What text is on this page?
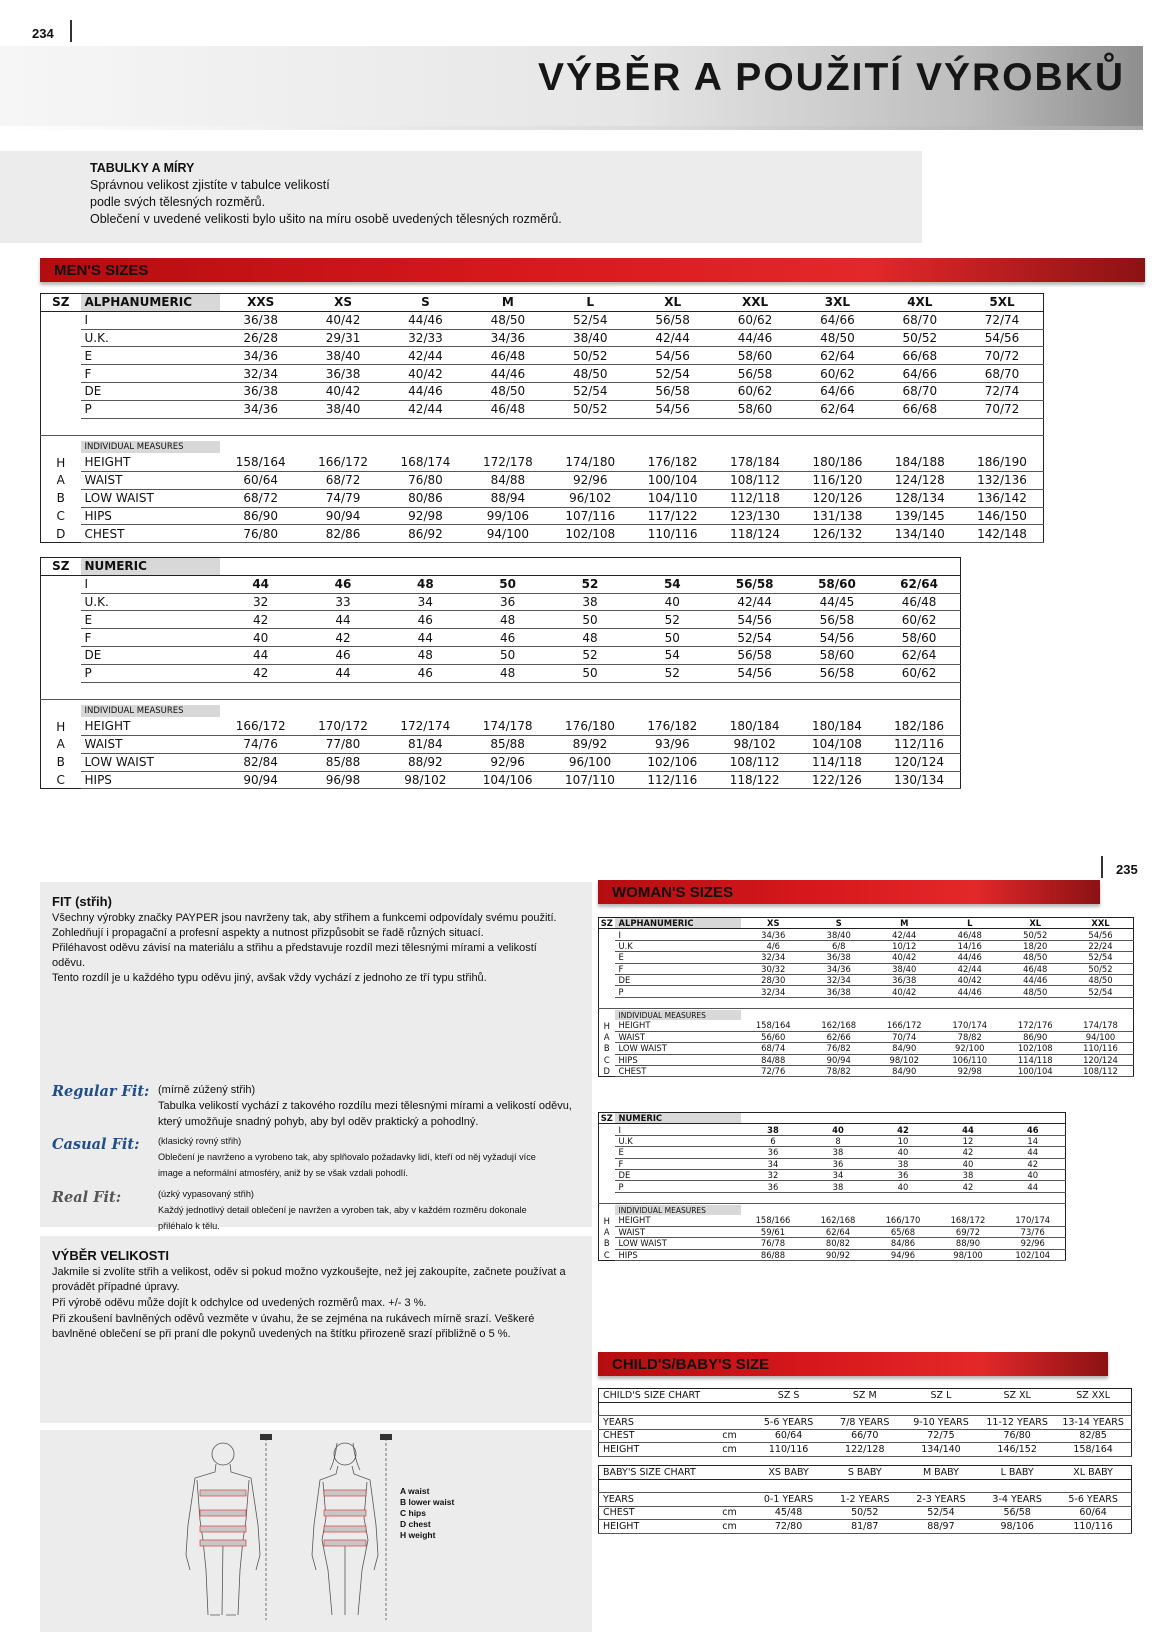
234
235
VÝBĚR A POUŽITÍ VÝROBKŮ
TABULKY A MÍRY
Správnou velikost zjistíte v tabulce velikostí
podle svých tělesných rozměrů.
Oblečení v uvedené velikosti bylo ušito na míru osobě uvedených tělesných rozměrů.
MEN'S SIZES
SZ	ALPHANUMERIC	XXS	XS	S	M	L	XL	XXL	3XL	4XL	5XL
	I	36/38	40/42	44/46	48/50	52/54	56/58	60/62	64/66	68/70	72/74
	U.K.	26/28	29/31	32/33	34/36	38/40	42/44	44/46	48/50	50/52	54/56
	E	34/36	38/40	42/44	46/48	50/52	54/56	58/60	62/64	66/68	70/72
	F	32/34	36/38	40/42	44/46	48/50	52/54	56/58	60/62	64/66	68/70
	DE	36/38	40/42	44/46	48/50	52/54	56/58	60/62	64/66	68/70	72/74
	P	34/36	38/40	42/44	46/48	50/52	54/56	58/60	62/64	66/68	70/72

	INDIVIDUAL MEASURES										
H	HEIGHT	158/164	166/172	168/174	172/178	174/180	176/182	178/184	180/186	184/188	186/190
A	WAIST	60/64	68/72	76/80	84/88	92/96	100/104	108/112	116/120	124/128	132/136
B	LOW WAIST	68/72	74/79	80/86	88/94	96/102	104/110	112/118	120/126	128/134	136/142
C	HIPS	86/90	90/94	92/98	99/106	107/116	117/122	123/130	131/138	139/145	146/150
D	CHEST	76/80	82/86	86/92	94/100	102/108	110/116	118/124	126/132	134/140	142/148
SZ	NUMERIC									
	I	44	46	48	50	52	54	56/58	58/60	62/64
	U.K.	32	33	34	36	38	40	42/44	44/45	46/48
	E	42	44	46	48	50	52	54/56	56/58	60/62
	F	40	42	44	46	48	50	52/54	54/56	58/60
	DE	44	46	48	50	52	54	56/58	58/60	62/64
	P	42	44	46	48	50	52	54/56	56/58	60/62

	INDIVIDUAL MEASURES									
H	HEIGHT	166/172	170/172	172/174	174/178	176/180	176/182	180/184	180/184	182/186
A	WAIST	74/76	77/80	81/84	85/88	89/92	93/96	98/102	104/108	112/116
B	LOW WAIST	82/84	85/88	88/92	92/96	96/100	102/106	108/112	114/118	120/124
C	HIPS	90/94	96/98	98/102	104/106	107/110	112/116	118/122	122/126	130/134
FIT (střih)
Všechny výrobky značky PAYPER jsou navrženy tak, aby střihem a funkcemi odpovídaly svému použití.
Zohledňují i propagační a profesní aspekty a nutnost přizpůsobit se řadě různých situací.
Přiléhavost oděvu závisí na materiálu a střihu a představuje rozdíl mezi tělesnými mírami a velikostí
oděvu.
Tento rozdíl je u každého typu oděvu jiný, avšak vždy vychází z jednoho ze tří typu střihů.
Regular Fit: (mírně zúžený střih)
Tabulka velikostí vychází z takového rozdílu mezi tělesnými mírami a velikostí oděvu,
který umožňuje snadný pohyb, aby byl oděv praktický a pohodlný.
Casual Fit: (klasický rovný střih)
Oblečení je navrženo a vyrobeno tak, aby splňovalo požadavky lidí, kteří od něj vyžadují více
image a neformální atmosféry, aniž by se však vzdali pohodlí.
Real Fit:	(úzký vypasovaný střih)
Každý jednotlivý detail oblečení je navržen a vyroben tak, aby v každém rozměru dokonale
přiléhalo k tělu.
VÝBĚR VELIKOSTI
Jakmile si zvolíte střih a velikost, oděv si pokud možno vyzkoušejte, než jej zakoupíte, začnete používat a
provádět případné úpravy.
Při výrobě oděvu může dojít k odchylce od uvedených rozměrů max. +/- 3 %.
Při zkoušení bavlněných oděvů vezměte v úvahu, že se zejména na rukávech mírně srazí. Veškeré
bavlněné oblečení se při praní dle pokynů uvedených na štítku přirozeně srazí přibližně o 5 %.
A waist
B lower waist
C hips
D chest
H weight
WOMAN'S SIZES
SZ	ALPHANUMERIC	XS	S	M	L	XL	XXL
	I	34/36	38/40	42/44	46/48	50/52	54/56
	U.K	4/6	6/8	10/12	14/16	18/20	22/24
	E	32/34	36/38	40/42	44/46	48/50	52/54
	F	30/32	34/36	38/40	42/44	46/48	50/52
	DE	28/30	32/34	36/38	40/42	44/46	48/50
	P	32/34	36/38	40/42	44/46	48/50	52/54

	INDIVIDUAL MEASURES						
H	HEIGHT	158/164	162/168	166/172	170/174	172/176	174/178
A	WAIST	56/60	62/66	70/74	78/82	86/90	94/100
B	LOW WAIST	68/74	76/82	84/90	92/100	102/108	110/116
C	HIPS	84/88	90/94	98/102	106/110	114/118	120/124
D	CHEST	72/76	78/82	84/90	92/98	100/104	108/112
SZ	NUMERIC					
	I	38	40	42	44	46
	U.K	6	8	10	12	14
	E	36	38	40	42	44
	F	34	36	38	40	42
	DE	32	34	36	38	40
	P	36	38	40	42	44

	INDIVIDUAL MEASURES					
H	HEIGHT	158/166	162/168	166/170	168/172	170/174
A	WAIST	59/61	62/64	65/68	69/72	73/76
B	LOW WAIST	76/78	80/82	84/86	88/90	92/96
C	HIPS	86/88	90/92	94/96	98/100	102/104
CHILD'S/BABY'S SIZE
CHILD'S SIZE CHART		SZ S	SZ M	SZ L	SZ XL	SZ XXL

YEARS		5-6 YEARS	7/8 YEARS	9-10 YEARS	11-12 YEARS	13-14 YEARS
CHEST	cm	60/64	66/70	72/75	76/80	82/85
HEIGHT	cm	110/116	122/128	134/140	146/152	158/164
BABY'S SIZE CHART		XS BABY	S BABY	M BABY	L BABY	XL BABY

YEARS		0-1 YEARS	1-2 YEARS	2-3 YEARS	3-4 YEARS	5-6 YEARS
CHEST	cm	45/48	50/52	52/54	56/58	60/64
HEIGHT	cm	72/80	81/87	88/97	98/106	110/116
